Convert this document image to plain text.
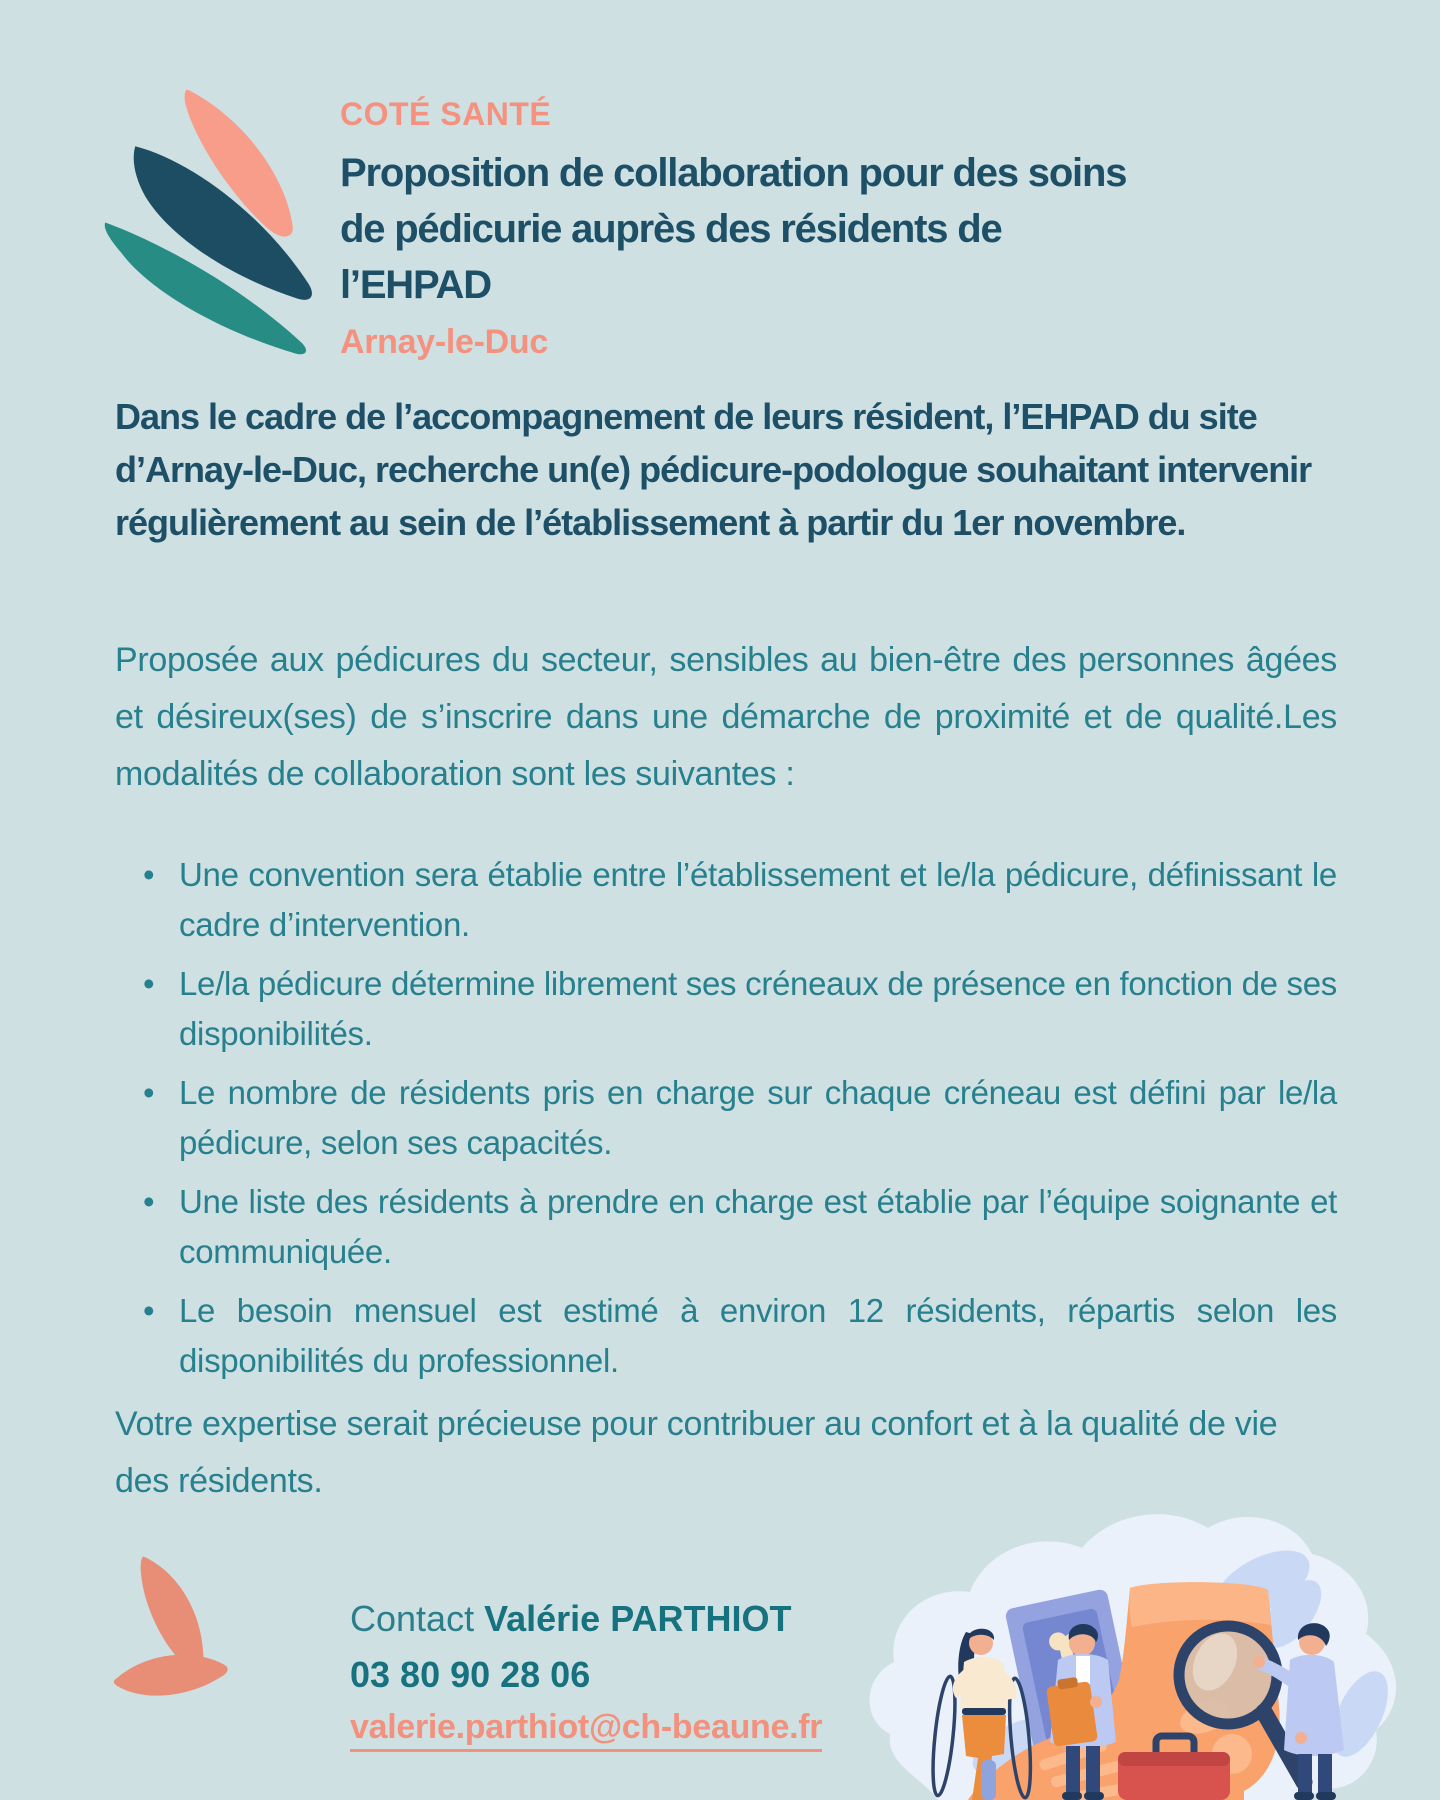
COTÉ SANTÉ
Proposition de collaboration pour des soins
de pédicurie auprès des résidents de
l’EHPAD
Arnay-le-Duc
Dans le cadre de l’accompagnement de leurs résident, l’EHPAD du site d’Arnay-le-Duc, recherche un(e) pédicure-podologue souhaitant intervenir régulièrement au sein de l’établissement à partir du 1er novembre.
Proposée aux pédicures du secteur, sensibles au bien-être des personnes âgées et désireux(ses) de s’inscrire dans une démarche de proximité et de qualité.Les modalités de collaboration sont les suivantes :
• Une convention sera établie entre l’établissement et le/la pédicure, définissant le cadre d’intervention.
• Le/la pédicure détermine librement ses créneaux de présence en fonction de ses disponibilités.
• Le nombre de résidents pris en charge sur chaque créneau est défini par le/la pédicure, selon ses capacités.
• Une liste des résidents à prendre en charge est établie par l’équipe soignante et communiquée.
• Le besoin mensuel est estimé à environ 12 résidents, répartis selon les disponibilités du professionnel.
Votre expertise serait précieuse pour contribuer au confort et à la qualité de vie des résidents.
Contact Valérie PARTHIOT
03 80 90 28 06
valerie.parthiot@ch-beaune.fr
